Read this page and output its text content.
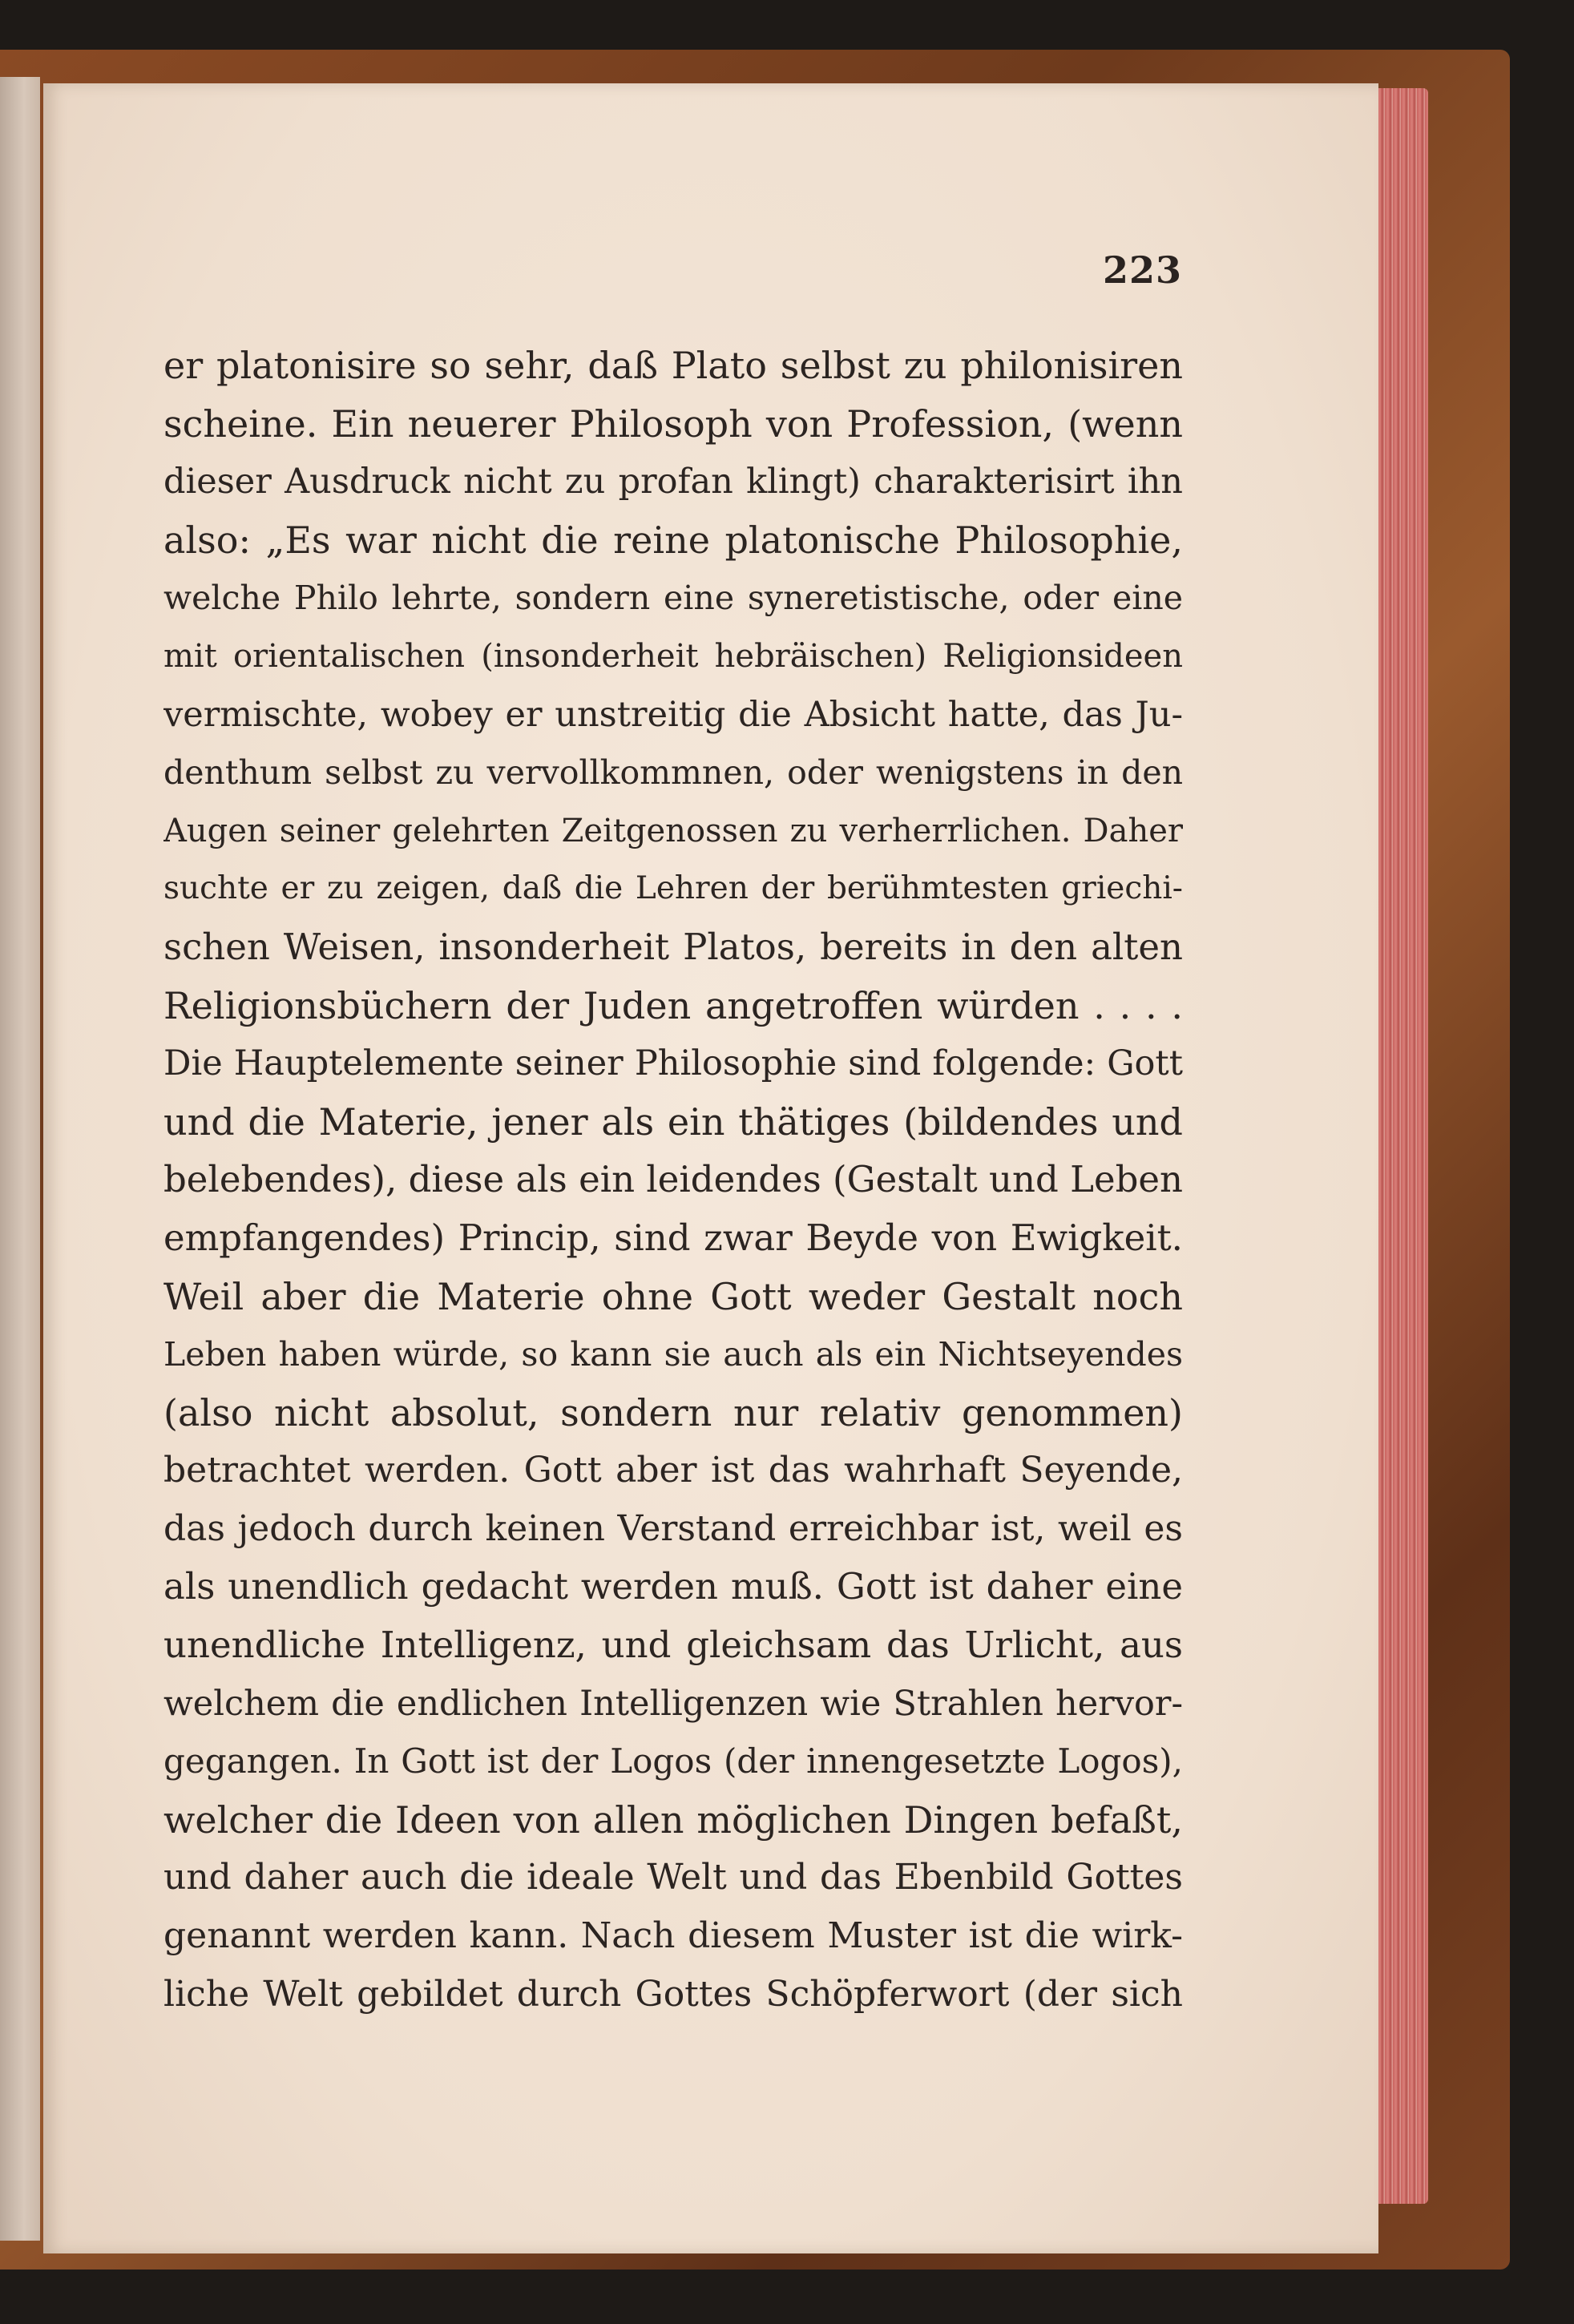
223
er platonisire so sehr, daß Plato selbst zu philonisiren
scheine. Ein neuerer Philosoph von Profession, (wenn
dieser Ausdruck nicht zu profan klingt) charakterisirt ihn
also: „Es war nicht die reine platonische Philosophie,
welche Philo lehrte, sondern eine syneretistische, oder eine
mit orientalischen (insonderheit hebräischen) Religionsideen
vermischte, wobey er unstreitig die Absicht hatte, das Ju-
denthum selbst zu vervollkommnen, oder wenigstens in den
Augen seiner gelehrten Zeitgenossen zu verherrlichen. Daher
suchte er zu zeigen, daß die Lehren der berühmtesten griechi-
schen Weisen, insonderheit Platos, bereits in den alten
Religionsbüchern der Juden angetroffen würden . . . .
Die Hauptelemente seiner Philosophie sind folgende: Gott
und die Materie, jener als ein thätiges (bildendes und
belebendes), diese als ein leidendes (Gestalt und Leben
empfangendes) Princip, sind zwar Beyde von Ewigkeit.
Weil aber die Materie ohne Gott weder Gestalt noch
Leben haben würde, so kann sie auch als ein Nichtseyendes
(also nicht absolut, sondern nur relativ genommen)
betrachtet werden. Gott aber ist das wahrhaft Seyende,
das jedoch durch keinen Verstand erreichbar ist, weil es
als unendlich gedacht werden muß. Gott ist daher eine
unendliche Intelligenz, und gleichsam das Urlicht, aus
welchem die endlichen Intelligenzen wie Strahlen hervor-
gegangen. In Gott ist der Logos (der innengesetzte Logos),
welcher die Ideen von allen möglichen Dingen befaßt,
und daher auch die ideale Welt und das Ebenbild Gottes
genannt werden kann. Nach diesem Muster ist die wirk-
liche Welt gebildet durch Gottes Schöpferwort (der sich
